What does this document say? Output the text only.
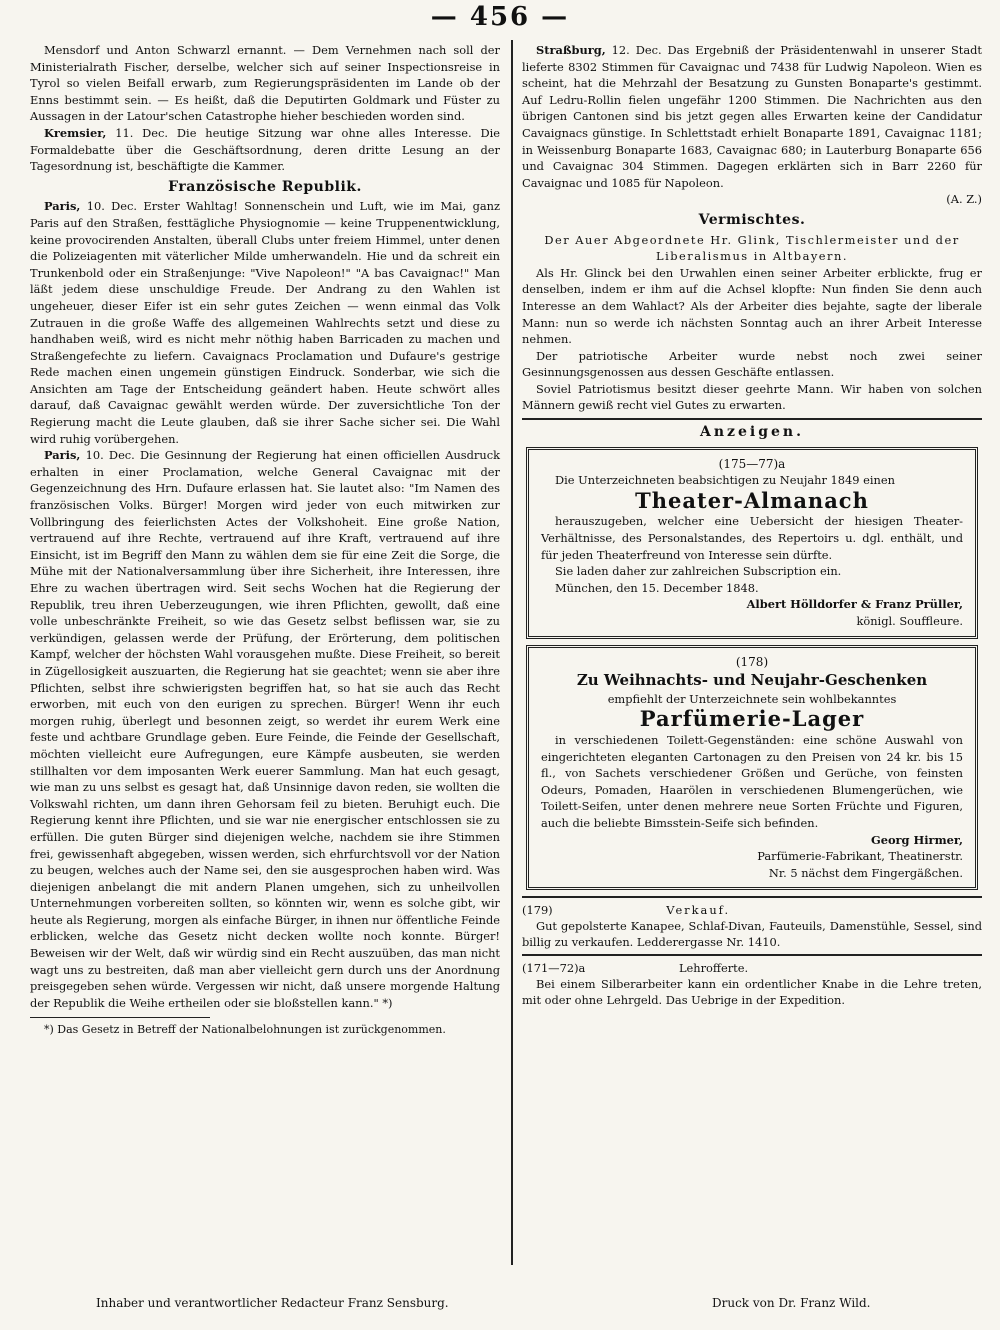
— 456 —

Mensdorf und Anton Schwarzl ernannt. — Dem Vernehmen nach soll der Ministerialrath Fischer, derselbe, welcher sich auf seiner Inspectionsreise in Tyrol so vielen Beifall erwarb, zum Regierungspräsidenten im Lande ob der Enns bestimmt sein. — Es heißt, daß die Deputirten Goldmark und Füster zu Aussagen in der Latour'schen Catastrophe hieher beschieden worden sind.

Kremsier, 11. Dec. Die heutige Sitzung war ohne alles Interesse. Die Formaldebatte über die Geschäftsordnung, deren dritte Lesung an der Tagesordnung ist, beschäftigte die Kammer.

Französische Republik.

Paris, 10. Dec. Erster Wahltag! Sonnenschein und Luft, wie im Mai, ganz Paris auf den Straßen, festtägliche Physiognomie — keine Truppenentwicklung, keine provocirenden Anstalten, überall Clubs unter freiem Himmel, unter denen die Polizeiagenten mit väterlicher Milde umherwandeln. Hie und da schreit ein Trunkenbold oder ein Straßenjunge: "Vive Napoleon!" "A bas Cavaignac!" Man läßt jedem diese unschuldige Freude. Der Andrang zu den Wahlen ist ungeheuer, dieser Eifer ist ein sehr gutes Zeichen — wenn einmal das Volk Zutrauen in die große Waffe des allgemeinen Wahlrechts setzt und diese zu handhaben weiß, wird es nicht mehr nöthig haben Barricaden zu machen und Straßengefechte zu liefern. Cavaignacs Proclamation und Dufaure's gestrige Rede machen einen ungemein günstigen Eindruck. Sonderbar, wie sich die Ansichten am Tage der Entscheidung geändert haben. Heute schwört alles darauf, daß Cavaignac gewählt werden würde. Der zuversichtliche Ton der Regierung macht die Leute glauben, daß sie ihrer Sache sicher sei. Die Wahl wird ruhig vorübergehen.

Paris, 10. Dec. Die Gesinnung der Regierung hat einen officiellen Ausdruck erhalten in einer Proclamation, welche General Cavaignac mit der Gegenzeichnung des Hrn. Dufaure erlassen hat. Sie lautet also: "Im Namen des französischen Volks. Bürger! Morgen wird jeder von euch mitwirken zur Vollbringung des feierlichsten Actes der Volkshoheit. Eine große Nation, vertrauend auf ihre Rechte, vertrauend auf ihre Kraft, vertrauend auf ihre Einsicht, ist im Begriff den Mann zu wählen dem sie für eine Zeit die Sorge, die Mühe mit der Nationalversammlung über ihre Sicherheit, ihre Interessen, ihre Ehre zu wachen übertragen wird. Seit sechs Wochen hat die Regierung der Republik, treu ihren Ueberzeugungen, wie ihren Pflichten, gewollt, daß eine volle unbeschränkte Freiheit, so wie das Gesetz selbst beflissen war, sie zu verkündigen, gelassen werde der Prüfung, der Erörterung, dem politischen Kampf, welcher der höchsten Wahl vorausgehen mußte. Diese Freiheit, so bereit in Zügellosigkeit auszuarten, die Regierung hat sie geachtet; wenn sie aber ihre Pflichten, selbst ihre schwierigsten begriffen hat, so hat sie auch das Recht erworben, mit euch von den eurigen zu sprechen. Bürger! Wenn ihr euch morgen ruhig, überlegt und besonnen zeigt, so werdet ihr eurem Werk eine feste und achtbare Grundlage geben. Eure Feinde, die Feinde der Gesellschaft, möchten vielleicht eure Aufregungen, eure Kämpfe ausbeuten, sie werden stillhalten vor dem imposanten Werk euerer Sammlung. Man hat euch gesagt, wie man zu uns selbst es gesagt hat, daß Unsinnige davon reden, sie wollten die Volkswahl richten, um dann ihren Gehorsam feil zu bieten. Beruhigt euch. Die Regierung kennt ihre Pflichten, und sie war nie energischer entschlossen sie zu erfüllen. Die guten Bürger sind diejenigen welche, nachdem sie ihre Stimmen frei, gewissenhaft abgegeben, wissen werden, sich ehrfurchtsvoll vor der Nation zu beugen, welches auch der Name sei, den sie ausgesprochen haben wird. Was diejenigen anbelangt die mit andern Planen umgehen, sich zu unheilvollen Unternehmungen vorbereiten sollten, so könnten wir, wenn es solche gibt, wir heute als Regierung, morgen als einfache Bürger, in ihnen nur öffentliche Feinde erblicken, welche das Gesetz nicht decken wollte noch konnte. Bürger! Beweisen wir der Welt, daß wir würdig sind ein Recht auszuüben, das man nicht wagt uns zu bestreiten, daß man aber vielleicht gern durch uns der Anordnung preisgegeben sehen würde. Vergessen wir nicht, daß unsere morgende Haltung der Republik die Weihe ertheilen oder sie bloßstellen kann." *)

*) Das Gesetz in Betreff der Nationalbelohnungen ist zurückgenommen.

Straßburg, 12. Dec. Das Ergebniß der Präsidentenwahl in unserer Stadt lieferte 8302 Stimmen für Cavaignac und 7438 für Ludwig Napoleon. Wien es scheint, hat die Mehrzahl der Besatzung zu Gunsten Bonaparte's gestimmt. Auf Ledru-Rollin fielen ungefähr 1200 Stimmen. Die Nachrichten aus den übrigen Cantonen sind bis jetzt gegen alles Erwarten keine der Candidatur Cavaignacs günstige. In Schlettstadt erhielt Bonaparte 1891, Cavaignac 1181; in Weissenburg Bonaparte 1683, Cavaignac 680; in Lauterburg Bonaparte 656 und Cavaignac 304 Stimmen. Dagegen erklärten sich in Barr 2260 für Cavaignac und 1085 für Napoleon.

(A. Z.)
Vermischtes.
Der Auer Abgeordnete Hr. Glink, Tischlermeister und der Liberalismus in Altbayern.

Als Hr. Glinck bei den Urwahlen einen seiner Arbeiter erblickte, frug er denselben, indem er ihm auf die Achsel klopfte: Nun finden Sie denn auch Interesse an dem Wahlact? Als der Arbeiter dies bejahte, sagte der liberale Mann: nun so werde ich nächsten Sonntag auch an ihrer Arbeit Interesse nehmen.

Der patriotische Arbeiter wurde nebst noch zwei seiner Gesinnungsgenossen aus dessen Geschäfte entlassen.

Soviel Patriotismus besitzt dieser geehrte Mann. Wir haben von solchen Männern gewiß recht viel Gutes zu erwarten.

Anzeigen.
(175—77)a

Die Unterzeichneten beabsichtigen zu Neujahr 1849 einen

Theater-Almanach

herauszugeben, welcher eine Uebersicht der hiesigen Theater-Verhältnisse, des Personalstandes, des Repertoirs u. dgl. enthält, und für jeden Theaterfreund von Interesse sein dürfte.

Sie laden daher zur zahlreichen Subscription ein.

München, den 15. December 1848.

Albert Hölldorfer & Franz Prüller,
königl. Souffleure.
(178)
Zu Weihnachts- und Neujahr-Geschenken
empfiehlt der Unterzeichnete sein wohlbekanntes
Parfümerie-Lager

in verschiedenen Toilett-Gegenständen: eine schöne Auswahl von eingerichteten eleganten Cartonagen zu den Preisen von 24 kr. bis 15 fl., von Sachets verschiedener Größen und Gerüche, von feinsten Odeurs, Pomaden, Haarölen in verschiedenen Blumengerüchen, wie Toilett-Seifen, unter denen mehrere neue Sorten Früchte und Figuren, auch die beliebte Bimsstein-Seife sich befinden.

Georg Hirmer,
Parfümerie-Fabrikant, Theatinerstr.
Nr. 5 nächst dem Fingergäßchen.
(179)	Verkauf.

Gut gepolsterte Kanapee, Schlaf-Divan, Fauteuils, Damenstühle, Sessel, sind billig zu verkaufen. Ledderergasse Nr. 1410.

(171—72)a	Lehrofferte.

Bei einem Silberarbeiter kann ein ordentlicher Knabe in die Lehre treten, mit oder ohne Lehrgeld. Das Uebrige in der Expedition.

Inhaber und verantwortlicher Redacteur Franz Sensburg.	Druck von Dr. Franz Wild.
